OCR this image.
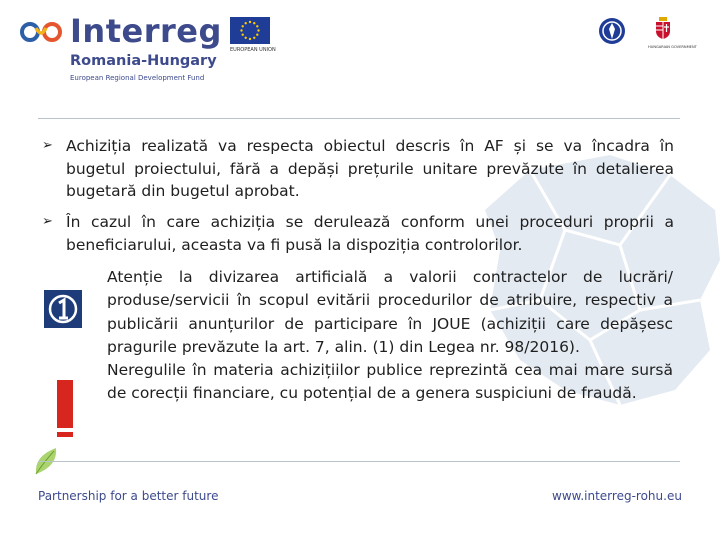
Interreg
Romania-Hungary
European Regional Development Fund
EUROPEAN UNION	HUNGARIAN GOVERNMENT
➢ Achiziția realizată va respecta obiectul descris în AF și se va încadra în bugetul proiectului, fără a depăși prețurile unitare prevăzute în detalierea bugetară din bugetul aprobat.
➢ În cazul în care achiziția se derulează conform unei proceduri proprii a beneficiarului, aceasta va fi pusă la dispoziția controlorilor.

Atenție la divizarea artificială a valorii contractelor de lucrări/ produse/servicii în scopul evitării procedurilor de atribuire, respectiv a publicării anunțurilor de participare în JOUE (achiziții care depășesc pragurile prevăzute la art. 7, alin. (1) din Legea nr. 98/2016).

Neregulile în materia achizițiilor publice reprezintă cea mai mare sursă de corecții financiare, cu potențial de a genera suspiciuni de fraudă.

Partnership for a better future	www.interreg-rohu.eu
